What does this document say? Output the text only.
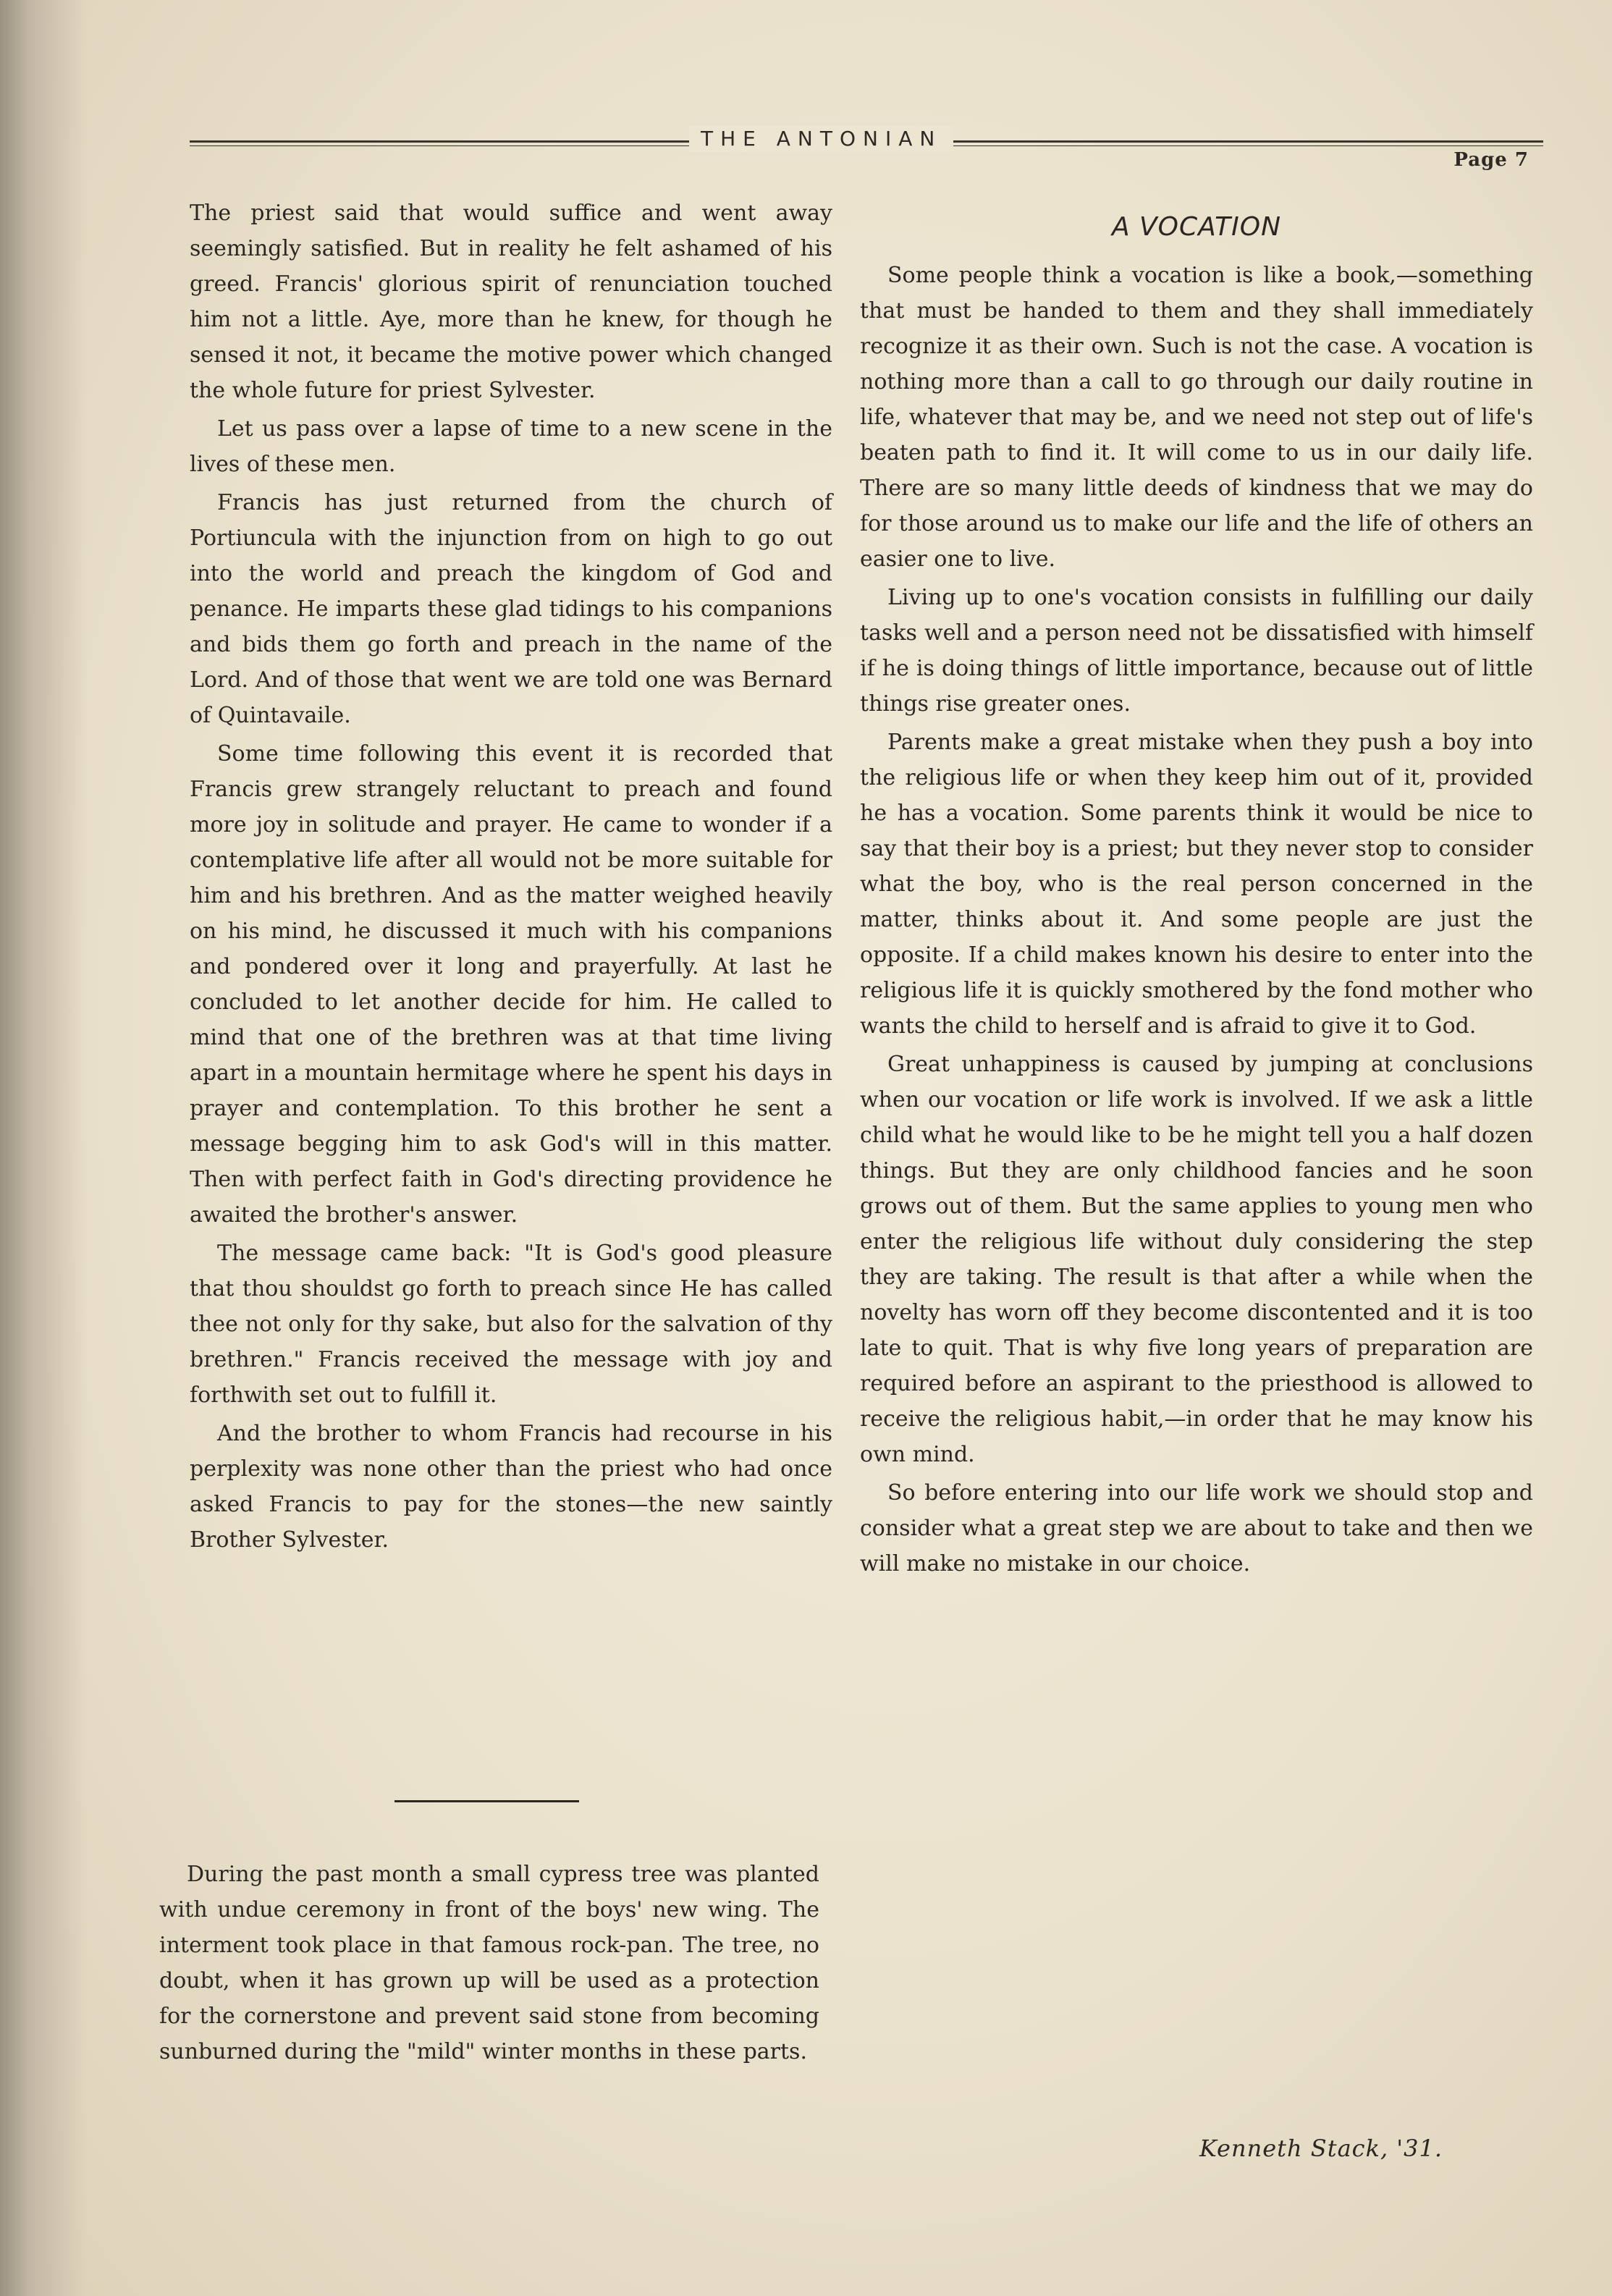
THE ANTONIAN
Page 7

The priest said that would suffice and went away seemingly satisfied. But in reality he felt ashamed of his greed. Francis' glorious spirit of renunciation touched him not a little. Aye, more than he knew, for though he sensed it not, it became the motive power which changed the whole future for priest Sylvester.

Let us pass over a lapse of time to a new scene in the lives of these men.

Francis has just returned from the church of Portiuncula with the injunction from on high to go out into the world and preach the kingdom of God and penance. He imparts these glad tidings to his companions and bids them go forth and preach in the name of the Lord. And of those that went we are told one was Bernard of Quintavaile.

Some time following this event it is recorded that Francis grew strangely reluctant to preach and found more joy in solitude and prayer. He came to wonder if a contemplative life after all would not be more suitable for him and his brethren. And as the matter weighed heavily on his mind, he discussed it much with his companions and pondered over it long and prayerfully. At last he concluded to let another decide for him. He called to mind that one of the brethren was at that time living apart in a mountain hermitage where he spent his days in prayer and contemplation. To this brother he sent a message begging him to ask God's will in this matter. Then with perfect faith in God's directing providence he awaited the brother's answer.

The message came back: "It is God's good pleasure that thou shouldst go forth to preach since He has called thee not only for thy sake, but also for the salvation of thy brethren." Francis received the message with joy and forthwith set out to fulfill it.

And the brother to whom Francis had recourse in his perplexity was none other than the priest who had once asked Francis to pay for the stones—the new saintly Brother Sylvester.

During the past month a small cypress tree was planted with undue ceremony in front of the boys' new wing. The interment took place in that famous rock-pan. The tree, no doubt, when it has grown up will be used as a protection for the cornerstone and prevent said stone from becoming sunburned during the "mild" winter months in these parts.

A VOCATION

Some people think a vocation is like a book,—something that must be handed to them and they shall immediately recognize it as their own. Such is not the case. A vocation is nothing more than a call to go through our daily routine in life, whatever that may be, and we need not step out of life's beaten path to find it. It will come to us in our daily life. There are so many little deeds of kindness that we may do for those around us to make our life and the life of others an easier one to live.

Living up to one's vocation consists in fulfilling our daily tasks well and a person need not be dissatisfied with himself if he is doing things of little importance, because out of little things rise greater ones.

Parents make a great mistake when they push a boy into the religious life or when they keep him out of it, provided he has a vocation. Some parents think it would be nice to say that their boy is a priest; but they never stop to consider what the boy, who is the real person concerned in the matter, thinks about it. And some people are just the opposite. If a child makes known his desire to enter into the religious life it is quickly smothered by the fond mother who wants the child to herself and is afraid to give it to God.

Great unhappiness is caused by jumping at conclusions when our vocation or life work is involved. If we ask a little child what he would like to be he might tell you a half dozen things. But they are only childhood fancies and he soon grows out of them. But the same applies to young men who enter the religious life without duly considering the step they are taking. The result is that after a while when the novelty has worn off they become discontented and it is too late to quit. That is why five long years of preparation are required before an aspirant to the priesthood is allowed to receive the religious habit,—in order that he may know his own mind.

So before entering into our life work we should stop and consider what a great step we are about to take and then we will make no mistake in our choice.

Kenneth Stack, '31.
